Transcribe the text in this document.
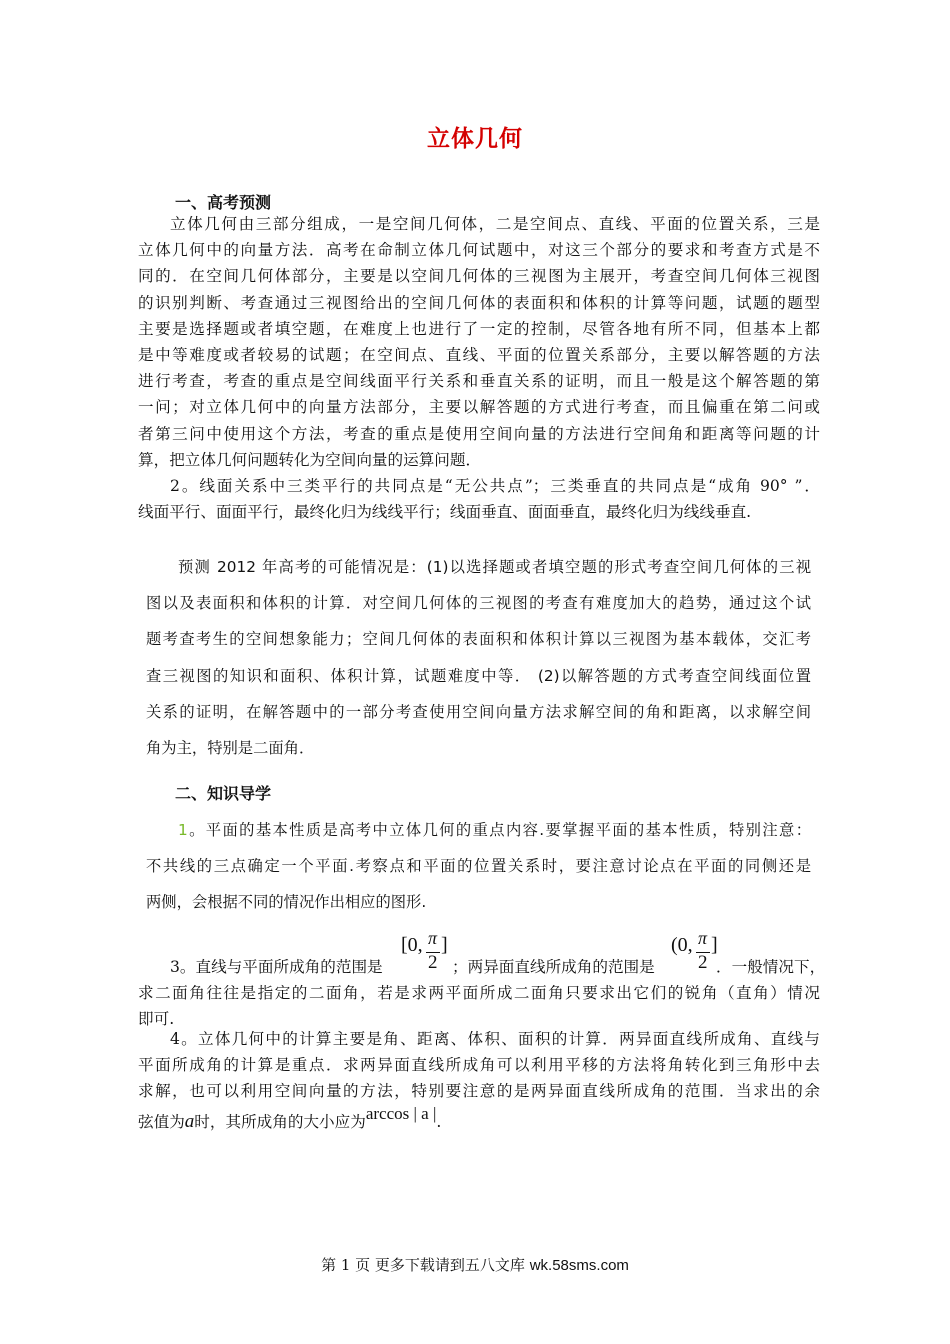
立体几何
一、高考预测
立体几何由三部分组成，一是空间几何体，二是空间点、直线、平面的位置关系，三是
立体几何中的向量方法．高考在命制立体几何试题中，对这三个部分的要求和考查方式是不
同的．在空间几何体部分，主要是以空间几何体的三视图为主展开，考查空间几何体三视图
的识别判断、考查通过三视图给出的空间几何体的表面积和体积的计算等问题，试题的题型
主要是选择题或者填空题，在难度上也进行了一定的控制，尽管各地有所不同，但基本上都
是中等难度或者较易的试题；在空间点、直线、平面的位置关系部分，主要以解答题的方法
进行考查，考查的重点是空间线面平行关系和垂直关系的证明，而且一般是这个解答题的第
一问；对立体几何中的向量方法部分，主要以解答题的方式进行考查，而且偏重在第二问或
者第三问中使用这个方法，考查的重点是使用空间向量的方法进行空间角和距离等问题的计
算，把立体几何问题转化为空间向量的运算问题．
2。线面关系中三类平行的共同点是“无公共点”；三类垂直的共同点是“成角 90° ”．
线面平行、面面平行，最终化归为线线平行；线面垂直、面面垂直，最终化归为线线垂直.
预测 2012 年高考的可能情况是：(1)以选择题或者填空题的形式考查空间几何体的三视
图以及表面积和体积的计算．对空间几何体的三视图的考查有难度加大的趋势，通过这个试
题考查考生的空间想象能力；空间几何体的表面积和体积计算以三视图为基本载体，交汇考
查三视图的知识和面积、体积计算，试题难度中等． (2)以解答题的方式考查空间线面位置
关系的证明，在解答题中的一部分考查使用空间向量方法求解空间的角和距离，以求解空间
角为主，特别是二面角．
二、知识导学
1。平面的基本性质是高考中立体几何的重点内容.要掌握平面的基本性质，特别注意：
不共线的三点确定一个平面.考察点和平面的位置关系时，要注意讨论点在平面的同侧还是
两侧，会根据不同的情况作出相应的图形.
3。直线与平面所成角的范围是	；两异面直线所成角的范围是	．一般情况下，
[0, π
2
]	(0, π
2
]
求二面角往往是指定的二面角，若是求两平面所成二面角只要求出它们的锐角（直角）情况
即可.
4。立体几何中的计算主要是角、距离、体积、面积的计算．两异面直线所成角、直线与
平面所成角的计算是重点．求两异面直线所成角可以利用平移的方法将角转化到三角形中去
求解，也可以利用空间向量的方法，特别要注意的是两异面直线所成角的范围．当求出的余
弦值为a时，其所成角的大小应为arccos | a |.
第 1 页 更多下载请到五八文库 wk.58sms.com
